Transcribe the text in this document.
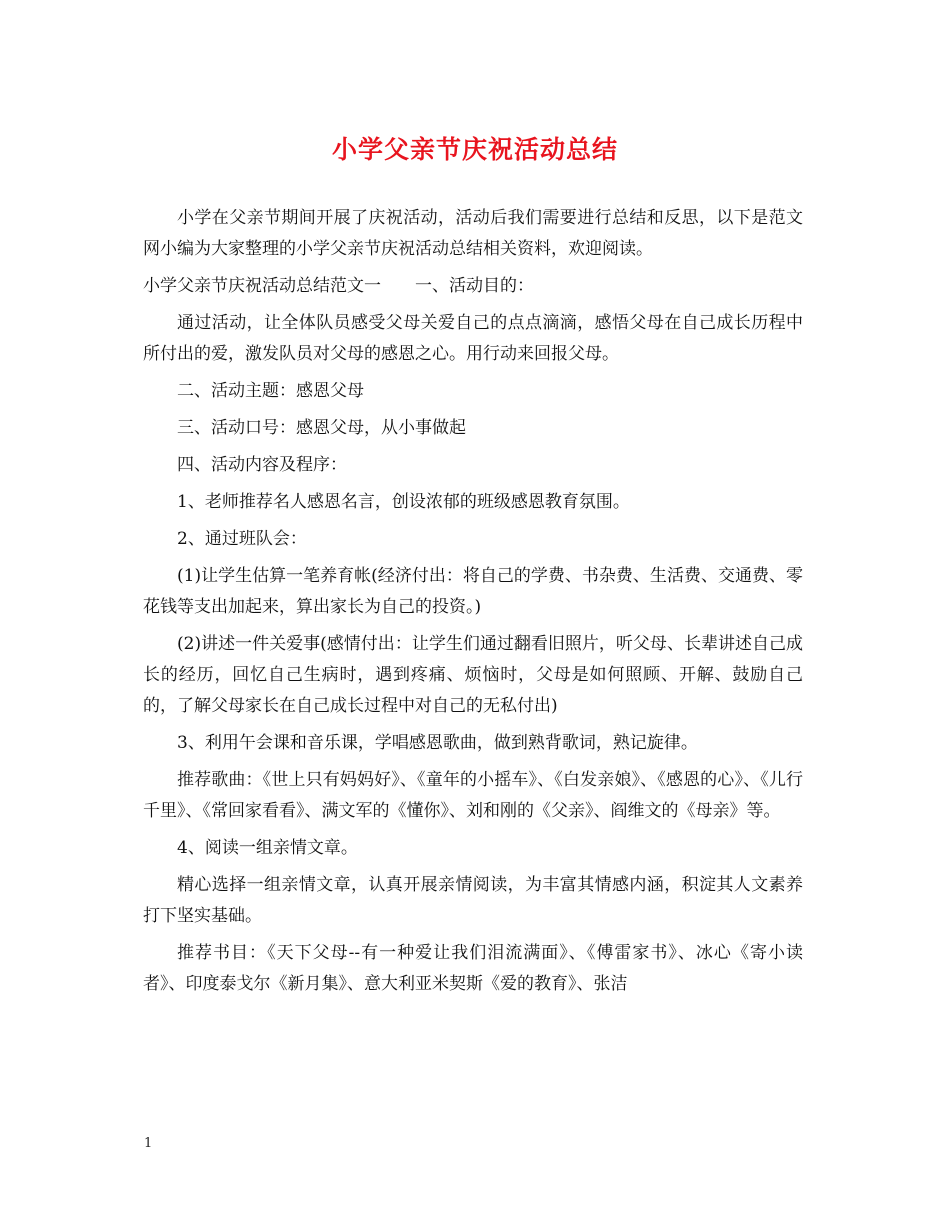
小学父亲节庆祝活动总结

小学在父亲节期间开展了庆祝活动，活动后我们需要进行总结和反思，以下是范文网小编为大家整理的小学父亲节庆祝活动总结相关资料，欢迎阅读。

小学父亲节庆祝活动总结范文一　　一、活动目的：

通过活动，让全体队员感受父母关爱自己的点点滴滴，感悟父母在自己成长历程中所付出的爱，激发队员对父母的感恩之心。用行动来回报父母。

二、活动主题：感恩父母

三、活动口号：感恩父母，从小事做起

四、活动内容及程序：

1、老师推荐名人感恩名言，创设浓郁的班级感恩教育氛围。

2、通过班队会：

(1)让学生估算一笔养育帐(经济付出：将自己的学费、书杂费、生活费、交通费、零花钱等支出加起来，算出家长为自己的投资。)

(2)讲述一件关爱事(感情付出：让学生们通过翻看旧照片，听父母、长辈讲述自己成长的经历，回忆自己生病时，遇到疼痛、烦恼时，父母是如何照顾、开解、鼓励自己的，了解父母家长在自己成长过程中对自己的无私付出)

3、利用午会课和音乐课，学唱感恩歌曲，做到熟背歌词，熟记旋律。

推荐歌曲：《世上只有妈妈好》、《童年的小摇车》、《白发亲娘》、《感恩的心》、《儿行千里》、《常回家看看》、满文军的《懂你》、刘和刚的《父亲》、阎维文的《母亲》等。

4、阅读一组亲情文章。

精心选择一组亲情文章，认真开展亲情阅读，为丰富其情感内涵，积淀其人文素养打下坚实基础。

推荐书目：《天下父母--有一种爱让我们泪流满面》、《傅雷家书》、冰心《寄小读者》、印度泰戈尔《新月集》、意大利亚米契斯《爱的教育》、张洁

1
